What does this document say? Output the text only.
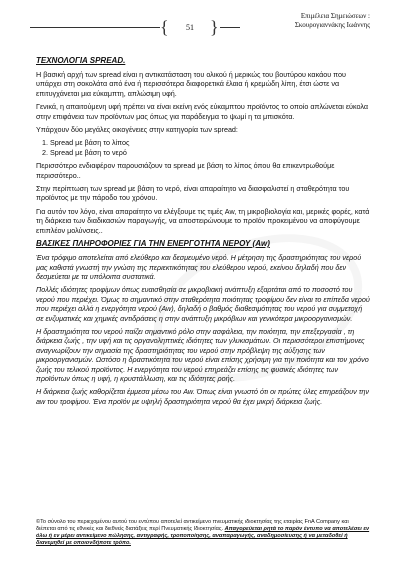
51
{ }
Επιμέλεια Σημειώσεων :
Σκουρογιαννάκης Ιωάννης
ΤΕΧΝΟΛΟΓΙΑ SPREAD.

Η βασική αρχή των spread είναι η αντικατάσταση του ολικού ή μερικώς του βουτύρου κακάου που υπάρχει στη σοκολάτα από ένα ή περισσότερα διαφορετικά έλαια ή κρεμώδη λίπη, έτσι ώστε να επιτυγχάνεται μια εύκαμπτη, απλώσιμη υφή.

Γενικά, η απαιτούμενη υφή πρέπει να είναι εκείνη ενός εύκαμπτου προϊόντος το οποίο απλώνεται εύκολα στην επιφάνεια των προϊόντων μας όπως για παράδειγμα το ψωμί η τα μπισκότα.

Υπάρχουν δύο μεγάλες οικογένειες στην κατηγορία των spread:

1. Spread με βάση το λίπος
2. Spread με βάση το νερό

Περισσότερο ενδιαφέρον παρουσιάζουν τα spread με βάση το λίπος όπου θα επικεντρωθούμε περισσότερο..

Στην περίπτωση των spread με βάση το νερό, είναι απαραίτητο να διασφαλιστεί η σταθερότητα του προϊόντος με την πάροδο του χρόνου.

Για αυτόν τον λόγο, είναι απαραίτητο να ελέγξουμε τις τιμές Aw, τη μικροβιολογία και, μερικές φορές, κατά τη διάρκεια των διαδικασιών παραγωγής, να αποστειρώνουμε το προϊόν προκειμένου να αποφύγουμε επιπλέον μολύνσεις..

ΒΑΣΙΚΕΣ ΠΛΗΡΟΦΟΡΙΕΣ ΓΙΑ ΤΗΝ ΕΝΕΡΓΟΤΗΤΑ ΝΕΡΟΥ (Aw)

Ένα τρόφιμο αποτελείται από ελεύθερο και δεσμευμένο νερό. Η μέτρηση της δραστηριότητας του νερού μας καθιστά γνωστή την γνώση της περιεκτικότητας του ελεύθερου νερού, εκείνου δηλαδή που δεν δεσμεύεται με τα υπόλοιπα συστατικά.

Πολλές ιδιότητες τροφίμων όπως ευαισθησία σε μικροβιακή ανάπτυξη εξαρτάται από το ποσοστό του νερού που περιέχει. Όμως το σημαντικό στην σταθερότητα ποιότητας τροφίμου δεν είναι το επίπεδα νερού που περιέχει αλλά η ενεργότητα νερού (Aw), δηλαδή ο βαθμός διαθεσιμότητας του νερού για συμμετοχή σε ενζυματικές και χημικές αντιδράσεις η στην ανάπτυξη μικρόβιων και γενικότερα μικροοργανισμών.

Η δραστηριότητα του νερού παίζει σημαντικό ρόλο στην ασφάλεια, την ποιότητα, την επεξεργασία , τη διάρκεια ζωής , την υφή και τις οργανοληπτικές ιδιότητες των γλυκισμάτων. Οι περισσότεροι επιστήμονες αναγνωρίζουν την σημασία της δραστηριότητας του νερού στην πρόβλεψη της αύξησης των μικροοργανισμών. Ωστόσο η δραστικότητα του νερού είναι επίσης χρήσιμη για την ποιότητα και τον χρόνο ζωής του τελικού προϊόντος. Η ενεργότητα του νερού επηρεάζει επίσης τις φυσικές ιδιότητες των προϊόντων όπως η υφή, η κρυστάλλωση, και τις ιδιότητες ροής.

Η διάρκεια ζωής καθορίζεται έμμεσα μέσω του Aw. Όπως είναι γνωστό ότι οι πρώτες ύλες επηρεάζουν την aw του τροφίμου. Ένα προϊόν με υψηλή δραστηριότητα νερού θα έχει μικρή διάρκεια ζωής.

©Το σύνολο του περιεχομένου αυτού του εντύπου αποτελεί αντικείμενο πνευματικής ιδιοκτησίας της εταιρίας FnA Company και διέπεται από τις εθνικές και διεθνείς διατάξεις περί Πνευματικής Ιδιοκτησίας. Απαγορεύεται ρητά το παρόν έντυπο να αποτελέσει εν όλω ή εν μέρει αντικείμενο πώλησης, αντιγραφής, τροποποίησης, αναπαραγωγής, αναδημοσίευσης ή να μεταδοθεί ή διανεμηθεί με οποιονδήποτε τρόπο.
